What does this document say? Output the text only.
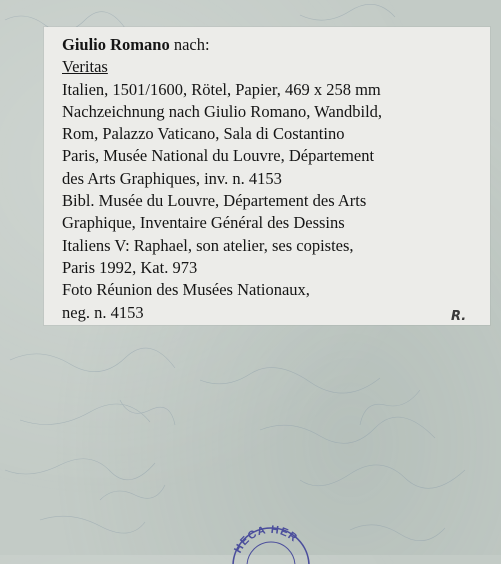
Giulio Romano nach:
Veritas
Italien, 1501/1600, Rötel, Papier, 469 x 258 mm
Nachzeichnung nach Giulio Romano, Wandbild,
Rom, Palazzo Vaticano, Sala di Costantino
Paris, Musée National du Louvre, Département
des Arts Graphiques, inv. n. 4153
Bibl. Musée du Louvre, Département des Arts
Graphique, Inventaire Général des Dessins
Italiens V: Raphael, son atelier, ses copistes,
Paris 1992, Kat. 973
Foto Réunion des Musées Nationaux,
neg. n. 4153	R.
HECA HER
